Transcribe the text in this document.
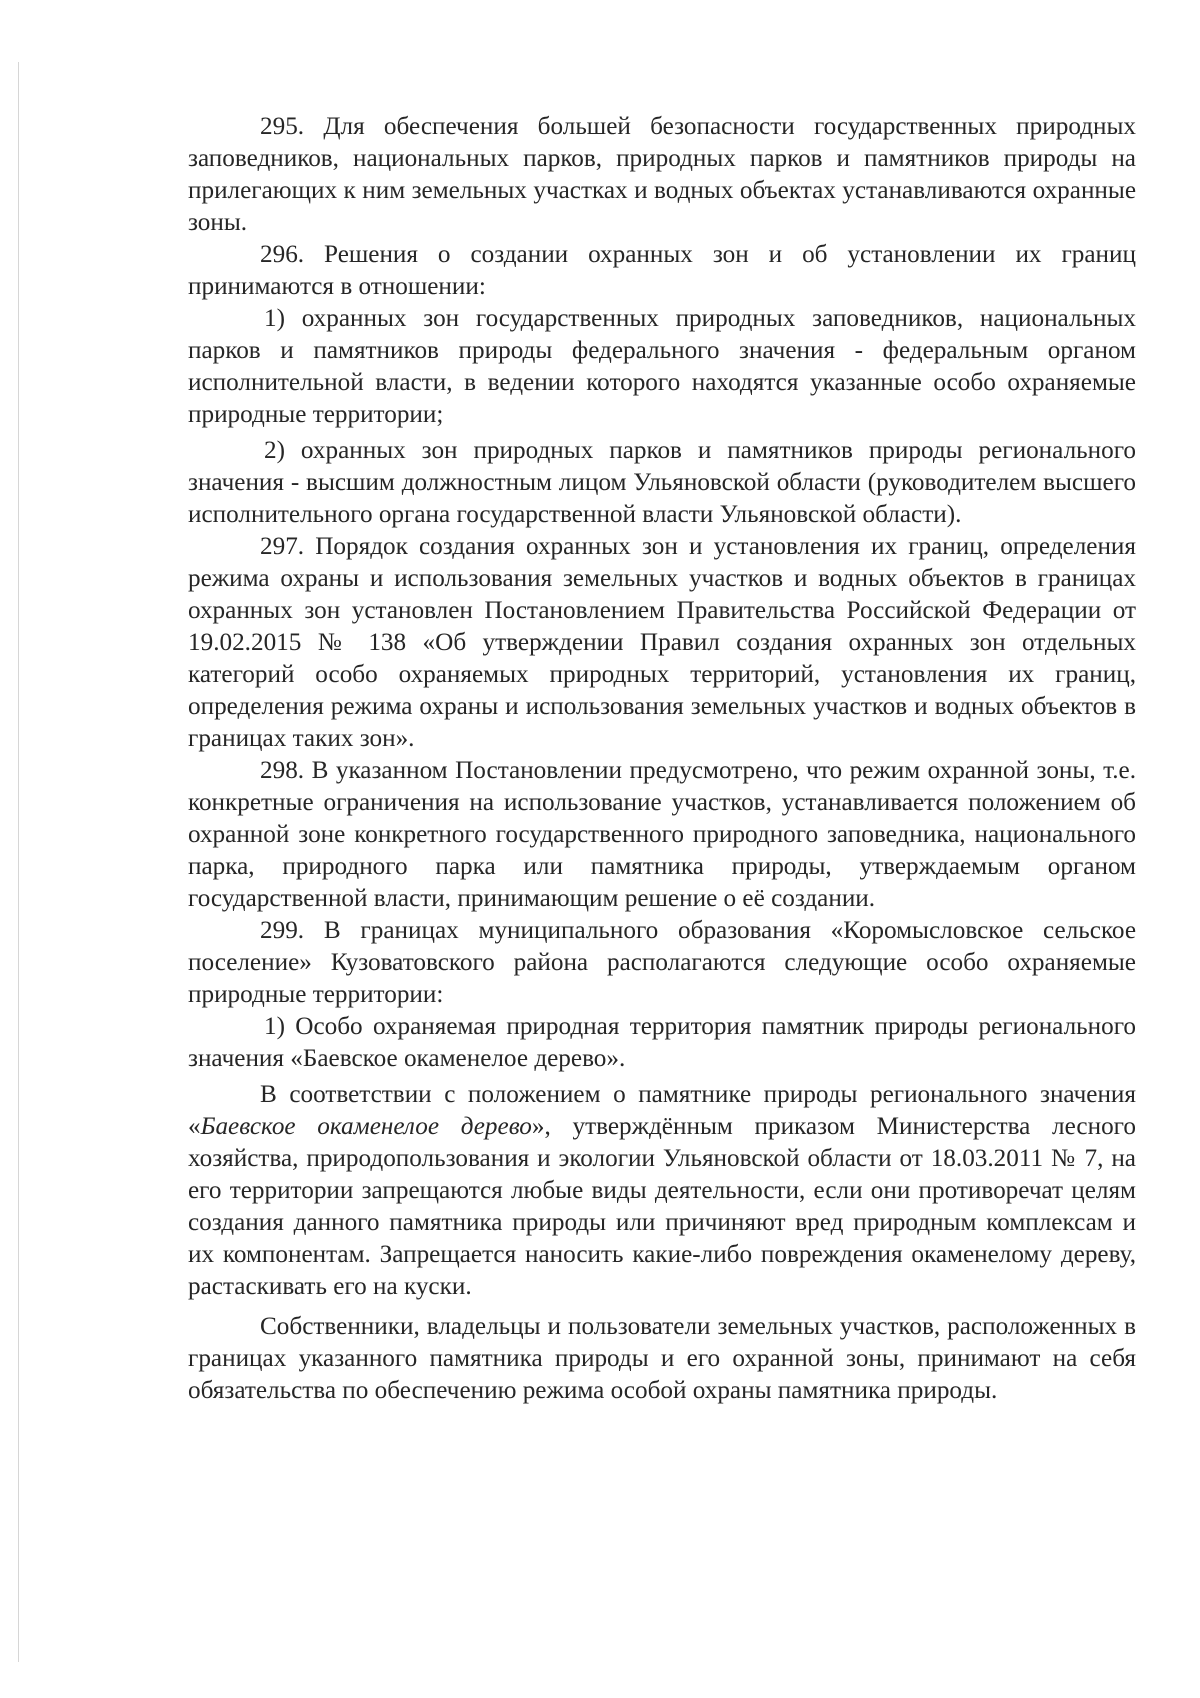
295. Для обеспечения большей безопасности государственных природных заповедников, национальных парков, природных парков и памятников природы на прилегающих к ним земельных участках и водных объектах устанавливаются охранные зоны.

296. Решения о создании охранных зон и об установлении их границ принимаются в отношении:

1) охранных зон государственных природных заповедников, национальных парков и памятников природы федерального значения - федеральным органом исполнительной власти, в ведении которого находятся указанные особо охраняемые природные территории;

2) охранных зон природных парков и памятников природы регионального значения - высшим должностным лицом Ульяновской области (руководителем высшего исполнительного органа государственной власти Ульяновской области).

297. Порядок создания охранных зон и установления их границ, определения режима охраны и использования земельных участков и водных объектов в границах охранных зон установлен Постановлением Правительства Российской Федерации от 19.02.2015 № 138 «Об утверждении Правил создания охранных зон отдельных категорий особо охраняемых природных территорий, установления их границ, определения режима охраны и использования земельных участков и водных объектов в границах таких зон».

298. В указанном Постановлении предусмотрено, что режим охранной зоны, т.е. конкретные ограничения на использование участков, устанавливается положением об охранной зоне конкретного государственного природного заповедника, национального парка, природного парка или памятника природы, утверждаемым органом государственной власти, принимающим решение о её создании.

299. В границах муниципального образования «Коромысловское сельское поселение» Кузоватовского района располагаются следующие особо охраняемые природные территории:

1) Особо охраняемая природная территория памятник природы регионального значения «Баевское окаменелое дерево».

В соответствии с положением о памятнике природы регионального значения «Баевское окаменелое дерево», утверждённым приказом Министерства лесного хозяйства, природопользования и экологии Ульяновской области от 18.03.2011 № 7, на его территории запрещаются любые виды деятельности, если они противоречат целям создания данного памятника природы или причиняют вред природным комплексам и их компонентам. Запрещается наносить какие-либо повреждения окаменелому дереву, растаскивать его на куски.

Собственники, владельцы и пользователи земельных участков, расположенных в границах указанного памятника природы и его охранной зоны, принимают на себя обязательства по обеспечению режима особой охраны памятника природы.
